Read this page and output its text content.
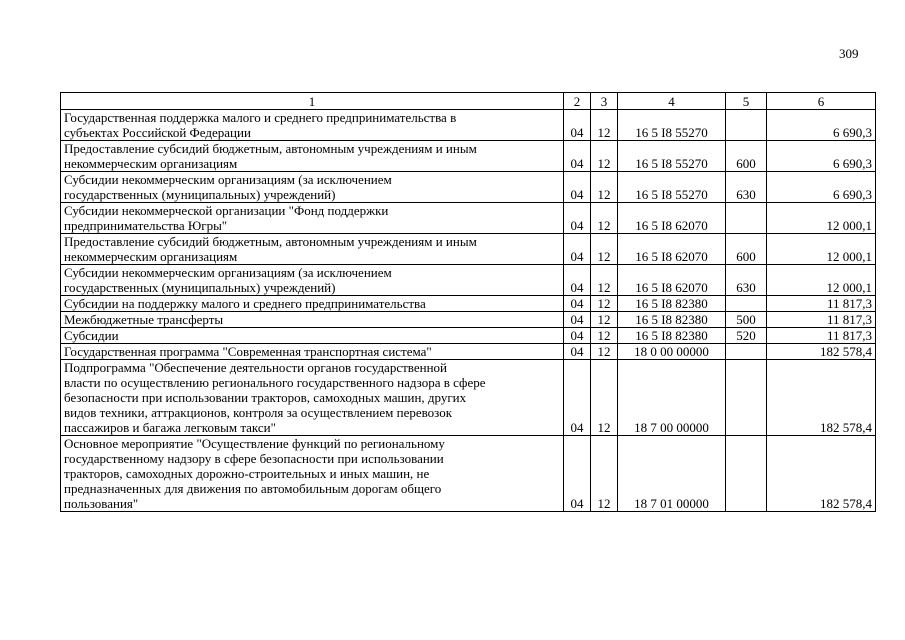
309
1	2	3	4	5	6

Государственная поддержка малого и среднего предпринимательства в
субъектах Российской Федерации	04	12	16 5 I8 55270		6 690,3

Предоставление субсидий бюджетным, автономным учреждениям и иным
некоммерческим организациям	04	12	16 5 I8 55270	600	6 690,3

Субсидии некоммерческим организациям (за исключением
государственных (муниципальных) учреждений)	04	12	16 5 I8 55270	630	6 690,3

Субсидии некоммерческой организации "Фонд поддержки
предпринимательства Югры"	04	12	16 5 I8 62070		12 000,1

Предоставление субсидий бюджетным, автономным учреждениям и иным
некоммерческим организациям	04	12	16 5 I8 62070	600	12 000,1

Субсидии некоммерческим организациям (за исключением
государственных (муниципальных) учреждений)	04	12	16 5 I8 62070	630	12 000,1

Субсидии на поддержку малого и среднего предпринимательства	04	12	16 5 I8 82380		11 817,3

Межбюджетные трансферты	04	12	16 5 I8 82380	500	11 817,3

Субсидии	04	12	16 5 I8 82380	520	11 817,3

Государственная программа "Современная транспортная система"	04	12	18 0 00 00000		182 578,4

Подпрограмма "Обеспечение деятельности органов государственной
власти по осуществлению регионального государственного надзора в сфере
безопасности при использовании тракторов, самоходных машин, других
видов техники, аттракционов, контроля за осуществлением перевозок
пассажиров и багажа легковым такси"	04	12	18 7 00 00000		182 578,4

Основное мероприятие "Осуществление функций по региональному
государственному надзору в сфере безопасности при использовании
тракторов, самоходных дорожно-строительных и иных машин, не
предназначенных для движения по автомобильным дорогам общего
пользования"	04	12	18 7 01 00000		182 578,4
